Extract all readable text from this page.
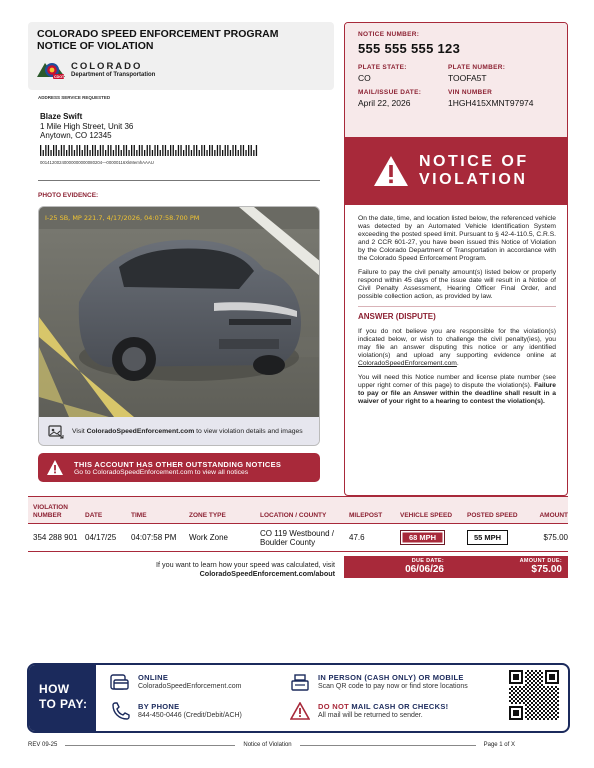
COLORADO SPEED ENFORCEMENT PROGRAM
NOTICE OF VIOLATION
CDOT
COLORADO
Department of Transportation
ADDRESS SERVICE REQUESTED
Blaze Swift
1 Mile High Street, Unit 36
Anytown, CO 12345
00141200240000000000080204—00000116XkMemhAAAU
NOTICE NUMBER:
555 555 555 123
PLATE STATE:
CO
PLATE NUMBER:
TOOFA5T
MAIL/ISSUE DATE:
April 22, 2026
VIN NUMBER
1HGH415XMNT97974
NOTICE OF
VIOLATION

On the date, time, and location listed below, the referenced vehicle was detected by an Automated Vehicle Identification System exceeding the posted speed limit. Pursuant to § 42-4-110.5, C.R.S. and 2 CCR 601-27, you have been issued this Notice of Violation by the Colorado Department of Transportation in accordance with the Colorado Speed Enforcement Program.

Failure to pay the civil penalty amount(s) listed below or properly respond within 45 days of the issue date will result in a Notice of Civil Penalty Assessment, Hearing Officer Final Order, and possible collection action, as provided by law.

ANSWER (DISPUTE)

If you do not believe you are responsible for the violation(s) indicated below, or wish to challenge the civil penalty(ies), you may file an answer disputing this notice or any identified violation(s) and upload any supporting evidence online at ColoradoSpeedEnforcement.com.

You will need this Notice number and license plate number (see upper right corner of this page) to dispute the violation(s). Failure to pay or file an Answer within the deadline shall result in a waiver of your right to a hearing to contest the violation(s).

PHOTO EVIDENCE:
I-25 SB, MP 221.7, 4/17/2026, 04:07:58.700 PM
Visit ColoradoSpeedEnforcement.com to view violation details and images
THIS ACCOUNT HAS OTHER OUTSTANDING NOTICES
Go to ColoradoSpeedEnforcement.com to view all notices
VIOLATION NUMBER	DATE	TIME	ZONE TYPE	LOCATION / COUNTY	MILEPOST	VEHICLE SPEED	POSTED SPEED	AMOUNT
354 288 901 04/17/25	04:07:58 PM	Work Zone	CO 119 Westbound /
Boulder County	47.6	68 MPH	55 MPH	$75.00
If you want to learn how your speed was calculated, visit
ColoradoSpeedEnforcement.com/about
DUE DATE:
06/06/26
AMOUNT DUE:
$75.00
HOW
TO PAY:
ONLINE
ColoradoSpeedEnforcement.com
BY PHONE
844-450-0446 (Credit/Debit/ACH)
IN PERSON (CASH ONLY) OR MOBILE
Scan QR code to pay now or find store locations
DO NOT MAIL CASH OR CHECKS!
All mail will be returned to sender.
REV 09-25	Notice of Violation	Page 1 of X
